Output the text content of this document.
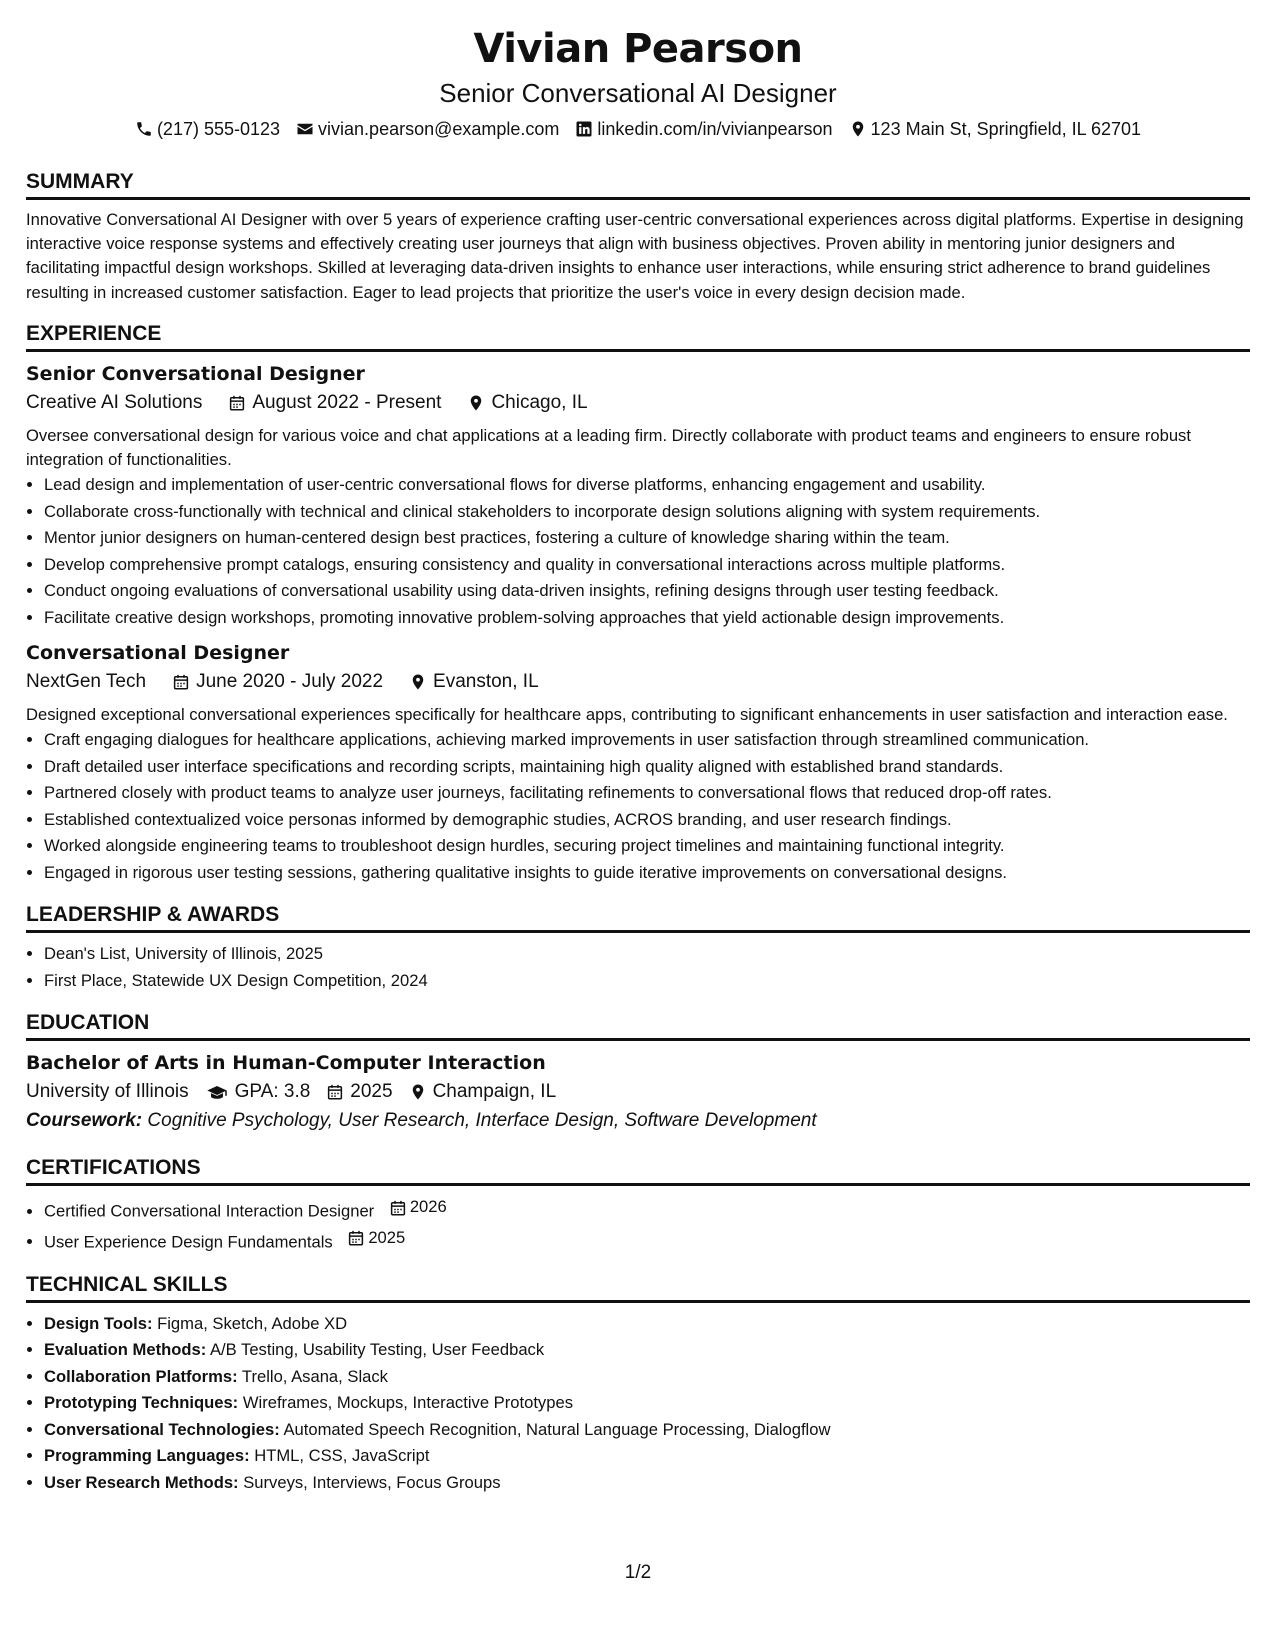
Vivian Pearson
Senior Conversational AI Designer
(217) 555-0123 vivian.pearson@example.com linkedin.com/in/vivianpearson 123 Main St, Springfield, IL 62701
SUMMARY

Innovative Conversational AI Designer with over 5 years of experience crafting user-centric conversational experiences across digital platforms. Expertise in designing interactive voice response systems and effectively creating user journeys that align with business objectives. Proven ability in mentoring junior designers and facilitating impactful design workshops. Skilled at leveraging data-driven insights to enhance user interactions, while ensuring strict adherence to brand guidelines resulting in increased customer satisfaction. Eager to lead projects that prioritize the user's voice in every design decision made.

EXPERIENCE
Senior Conversational Designer
Creative AI Solutions	August 2022 - Present	Chicago, IL

Oversee conversational design for various voice and chat applications at a leading firm. Directly collaborate with product teams and engineers to ensure robust integration of functionalities.

• Lead design and implementation of user-centric conversational flows for diverse platforms, enhancing engagement and usability.
• Collaborate cross-functionally with technical and clinical stakeholders to incorporate design solutions aligning with system requirements.
• Mentor junior designers on human-centered design best practices, fostering a culture of knowledge sharing within the team.
• Develop comprehensive prompt catalogs, ensuring consistency and quality in conversational interactions across multiple platforms.
• Conduct ongoing evaluations of conversational usability using data-driven insights, refining designs through user testing feedback.
• Facilitate creative design workshops, promoting innovative problem-solving approaches that yield actionable design improvements.
Conversational Designer
NextGen Tech	June 2020 - July 2022	Evanston, IL

Designed exceptional conversational experiences specifically for healthcare apps, contributing to significant enhancements in user satisfaction and interaction ease.

• Craft engaging dialogues for healthcare applications, achieving marked improvements in user satisfaction through streamlined communication.
• Draft detailed user interface specifications and recording scripts, maintaining high quality aligned with established brand standards.
• Partnered closely with product teams to analyze user journeys, facilitating refinements to conversational flows that reduced drop-off rates.
• Established contextualized voice personas informed by demographic studies, ACROS branding, and user research findings.
• Worked alongside engineering teams to troubleshoot design hurdles, securing project timelines and maintaining functional integrity.
• Engaged in rigorous user testing sessions, gathering qualitative insights to guide iterative improvements on conversational designs.
LEADERSHIP & AWARDS
• Dean's List, University of Illinois, 2025
• First Place, Statewide UX Design Competition, 2024
EDUCATION
Bachelor of Arts in Human-Computer Interaction
University of Illinois GPA: 3.8 2025 Champaign, IL
Coursework: Cognitive Psychology, User Research, Interface Design, Software Development
CERTIFICATIONS
• Certified Conversational Interaction Designer 2026
• User Experience Design Fundamentals 2025
TECHNICAL SKILLS
• Design Tools: Figma, Sketch, Adobe XD
• Evaluation Methods: A/B Testing, Usability Testing, User Feedback
• Collaboration Platforms: Trello, Asana, Slack
• Prototyping Techniques: Wireframes, Mockups, Interactive Prototypes
• Conversational Technologies: Automated Speech Recognition, Natural Language Processing, Dialogflow
• Programming Languages: HTML, CSS, JavaScript
• User Research Methods: Surveys, Interviews, Focus Groups
1/2
